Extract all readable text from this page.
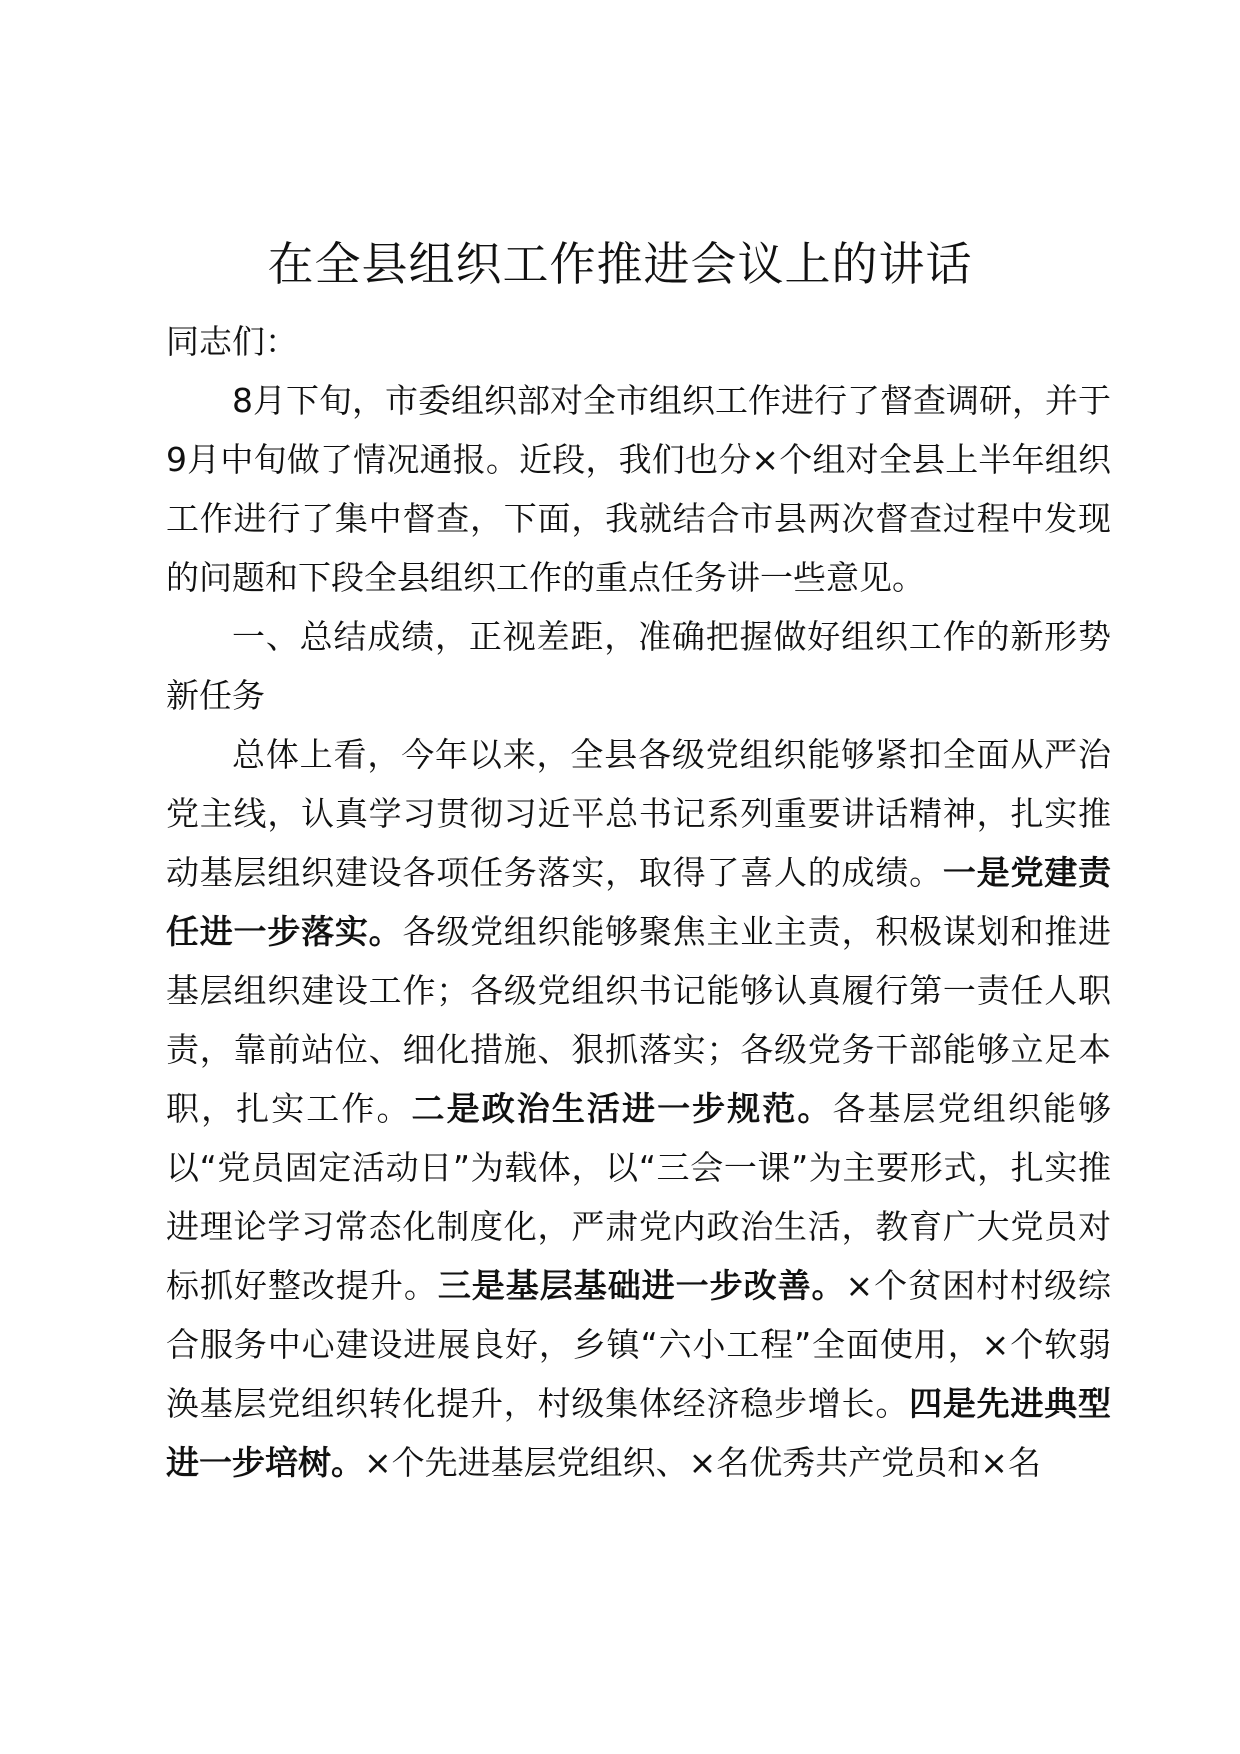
在全县组织工作推进会议上的讲话

同志们：

8月下旬，市委组织部对全市组织工作进行了督查调研，并于9月中旬做了情况通报。近段，我们也分×个组对全县上半年组织工作进行了集中督查，下面，我就结合市县两次督查过程中发现的问题和下段全县组织工作的重点任务讲一些意见。

一、总结成绩，正视差距，准确把握做好组织工作的新形势新任务

总体上看，今年以来，全县各级党组织能够紧扣全面从严治党主线，认真学习贯彻习近平总书记系列重要讲话精神，扎实推动基层组织建设各项任务落实，取得了喜人的成绩。一是党建责任进一步落实。各级党组织能够聚焦主业主责，积极谋划和推进基层组织建设工作；各级党组织书记能够认真履行第一责任人职责，靠前站位、细化措施、狠抓落实；各级党务干部能够立足本职，扎实工作。二是政治生活进一步规范。各基层党组织能够以“党员固定活动日”为载体，以“三会一课”为主要形式，扎实推进理论学习常态化制度化，严肃党内政治生活，教育广大党员对标抓好整改提升。三是基层基础进一步改善。×个贫困村村级综合服务中心建设进展良好，乡镇“六小工程”全面使用，×个软弱涣基层党组织转化提升，村级集体经济稳步增长。四是先进典型进一步培树。×个先进基层党组织、×名优秀共产党员和×名
